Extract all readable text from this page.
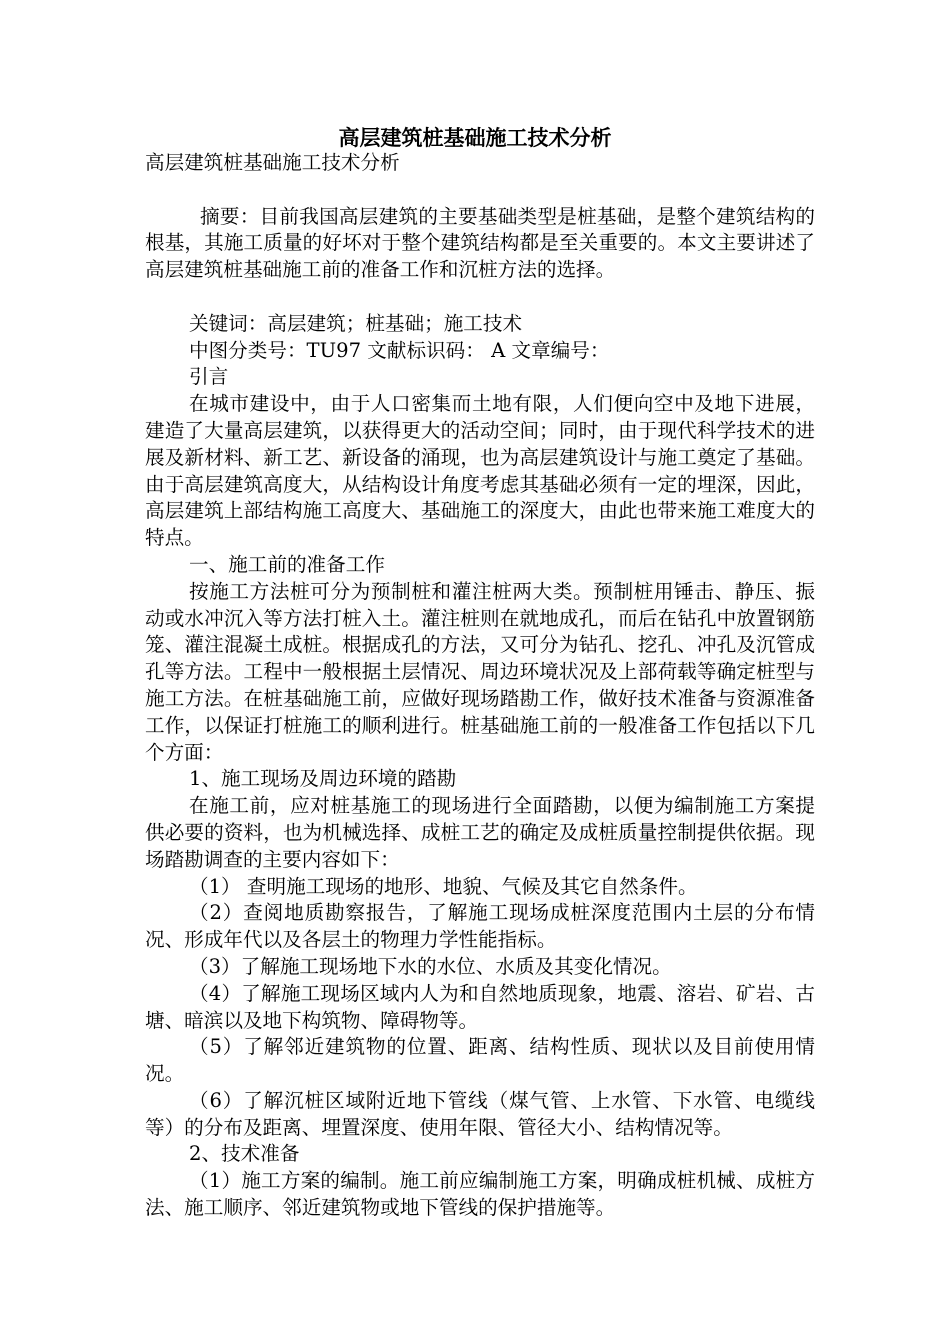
高层建筑桩基础施工技术分析

高层建筑桩基础施工技术分析

摘要：目前我国高层建筑的主要基础类型是桩基础，是整个建筑结构的根基，其施工质量的好坏对于整个建筑结构都是至关重要的。本文主要讲述了高层建筑桩基础施工前的准备工作和沉桩方法的选择。

关键词：高层建筑；桩基础；施工技术

中图分类号：TU97 文献标识码： A 文章编号：

引言

在城市建设中，由于人口密集而土地有限，人们便向空中及地下进展，建造了大量高层建筑，以获得更大的活动空间；同时，由于现代科学技术的进展及新材料、新工艺、新设备的涌现，也为高层建筑设计与施工奠定了基础。由于高层建筑高度大，从结构设计角度考虑其基础必须有一定的埋深，因此，高层建筑上部结构施工高度大、基础施工的深度大，由此也带来施工难度大的特点。

一、施工前的准备工作

按施工方法桩可分为预制桩和灌注桩两大类。预制桩用锤击、静压、振动或水冲沉入等方法打桩入土。灌注桩则在就地成孔，而后在钻孔中放置钢筋笼、灌注混凝土成桩。根据成孔的方法，又可分为钻孔、挖孔、冲孔及沉管成孔等方法。工程中一般根据土层情况、周边环境状况及上部荷载等确定桩型与施工方法。在桩基础施工前，应做好现场踏勘工作，做好技术准备与资源准备工作，以保证打桩施工的顺利进行。桩基础施工前的一般准备工作包括以下几个方面：

1、施工现场及周边环境的踏勘

在施工前，应对桩基施工的现场进行全面踏勘，以便为编制施工方案提供必要的资料，也为机械选择、成桩工艺的确定及成桩质量控制提供依据。现场踏勘调查的主要内容如下：

（1） 查明施工现场的地形、地貌、气候及其它自然条件。

（2）查阅地质勘察报告，了解施工现场成桩深度范围内土层的分布情况、形成年代以及各层土的物理力学性能指标。

（3）了解施工现场地下水的水位、水质及其变化情况。

（4）了解施工现场区域内人为和自然地质现象，地震、溶岩、矿岩、古塘、暗滨以及地下构筑物、障碍物等。

（5）了解邻近建筑物的位置、距离、结构性质、现状以及目前使用情况。

（6）了解沉桩区域附近地下管线（煤气管、上水管、下水管、电缆线等）的分布及距离、埋置深度、使用年限、管径大小、结构情况等。

2、技术准备

（1）施工方案的编制。施工前应编制施工方案，明确成桩机械、成桩方法、施工顺序、邻近建筑物或地下管线的保护措施等。
